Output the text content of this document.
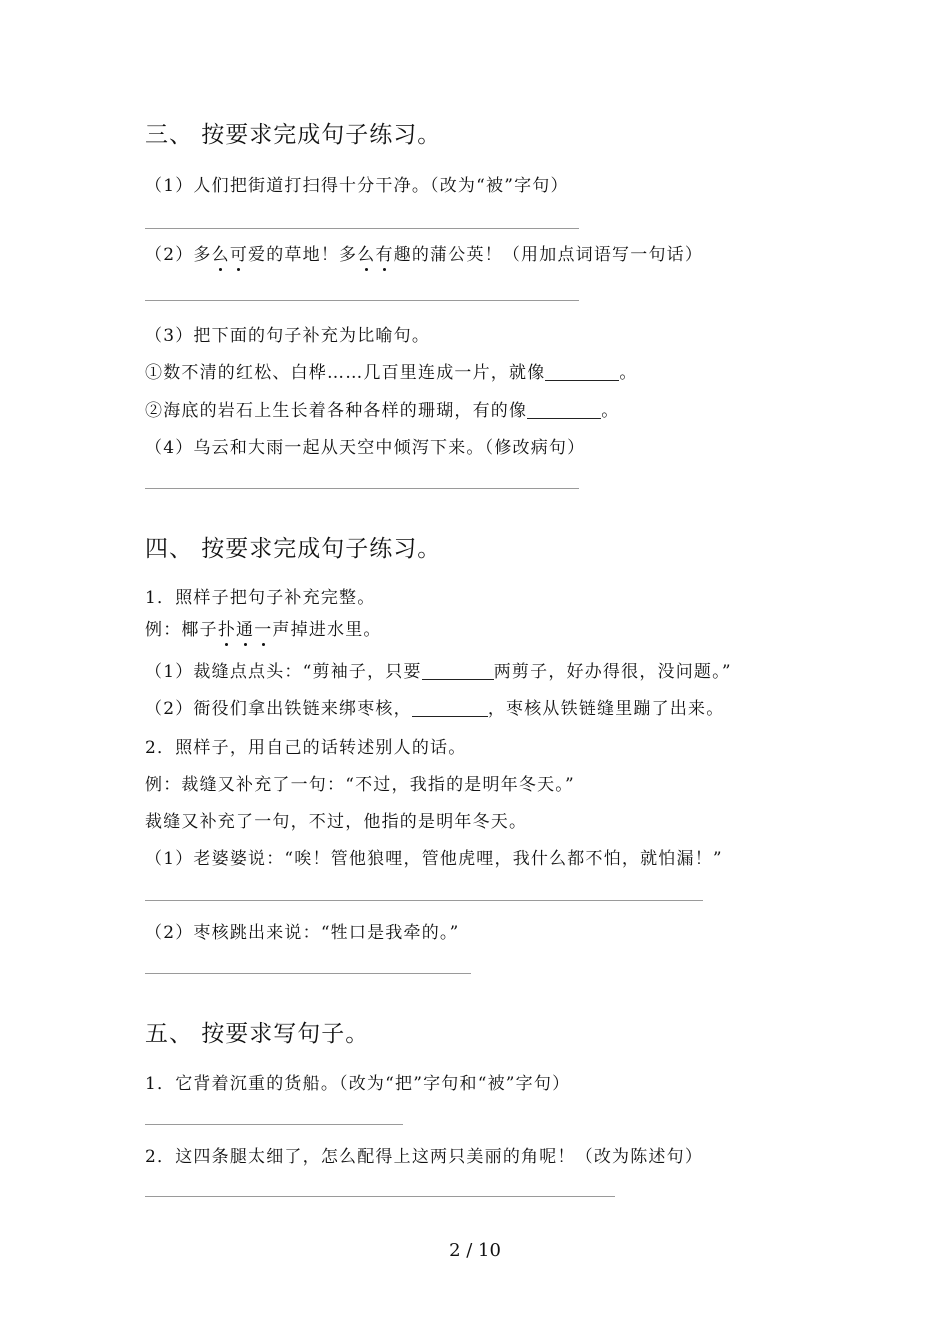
三、 按要求完成句子练习。
（1）人们把街道打扫得十分干净。（改为“被”字句）
（2）多么可爱的草地！多么有趣的蒲公英！（用加点词语写一句话）
（3）把下面的句子补充为比喻句。
①数不清的红松、白桦……几百里连成一片，就像	。
②海底的岩石上生长着各种各样的珊瑚，有的像	。
（4）乌云和大雨一起从天空中倾泻下来。（修改病句）
四、 按要求完成句子练习。
1．照样子把句子补充完整。
例：椰子扑通一声掉进水里。
（1）裁缝点点头：“剪袖子，只要	两剪子，好办得很，没问题。”
（2）衙役们拿出铁链来绑枣核，	，枣核从铁链缝里蹦了出来。
2．照样子，用自己的话转述别人的话。
例：裁缝又补充了一句：“不过，我指的是明年冬天。”
裁缝又补充了一句，不过，他指的是明年冬天。
（1）老婆婆说：“唉！管他狼哩，管他虎哩，我什么都不怕，就怕漏！”
（2）枣核跳出来说：“牲口是我牵的。”
五、 按要求写句子。
1．它背着沉重的货船。（改为“把”字句和“被”字句）
2．这四条腿太细了，怎么配得上这两只美丽的角呢！（改为陈述句）
2 / 10
